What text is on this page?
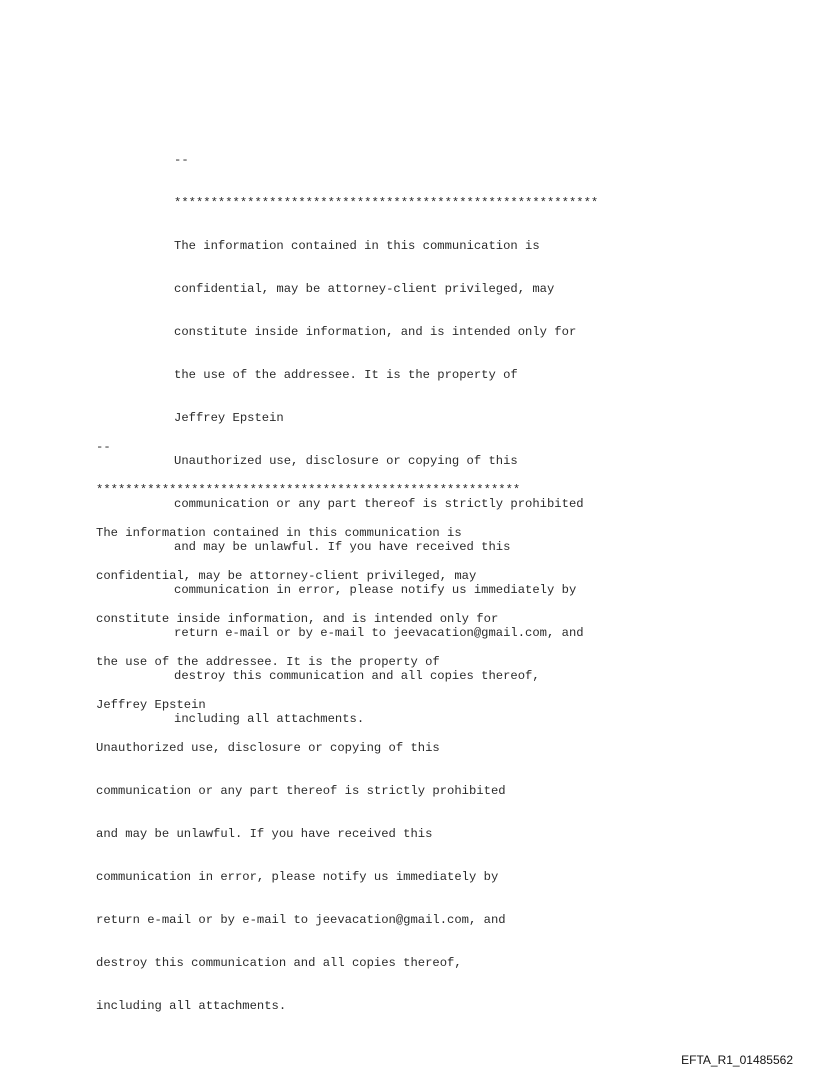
--

**********************************************************

The information contained in this communication is

confidential, may be attorney-client privileged, may

constitute inside information, and is intended only for

the use of the addressee. It is the property of

Jeffrey Epstein

Unauthorized use, disclosure or copying of this

communication or any part thereof is strictly prohibited

and may be unlawful. If you have received this

communication in error, please notify us immediately by

return e-mail or by e-mail to jeevacation@gmail.com, and

destroy this communication and all copies thereof,

including all attachments.

--

**********************************************************

The information contained in this communication is

confidential, may be attorney-client privileged, may

constitute inside information, and is intended only for

the use of the addressee. It is the property of

Jeffrey Epstein

Unauthorized use, disclosure or copying of this

communication or any part thereof is strictly prohibited

and may be unlawful. If you have received this

communication in error, please notify us immediately by

return e-mail or by e-mail to jeevacation@gmail.com, and

destroy this communication and all copies thereof,

including all attachments.

EFTA_R1_01485562
